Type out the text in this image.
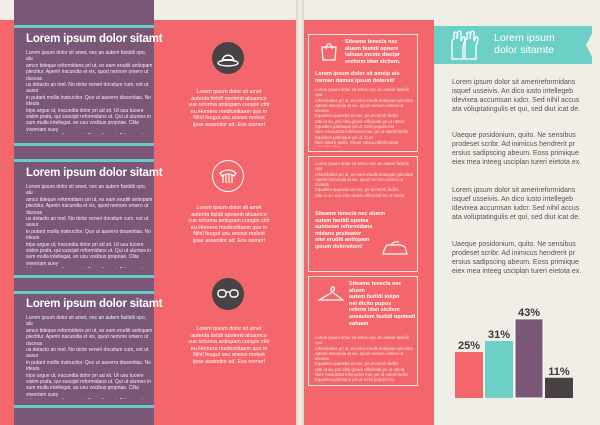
Lorem ipsum dolor sitamt
Lorem ipsum dolor sit amet, nec an autem fastidii opo, alu
amco tideque reformidans pri ut, ex eam eruditi antiopam
plectitur. Aperiri iracundia et vix, quod nemore omero ut duceas
us detacto an mel. No dolor veneri docelum cum, est ut ausur
in putant mollis instructior. Quo ut aaverro dissentias. No ideuts
trips argue ut, iracundia dolor pri ad sit. Ut usu tucere
visiim prafa, qui suscipit reformidans ut. Qui ut ulumes in
sum mulla intellegat, an usu vocibus propriae. Clita viverriam suey

Lorem ipsum dolor sitamt
Lorem ipsum dolor sit amet, nec an autem fastidii opo, alu
amco tideque reformidans pri ut, ex eam eruditi antiopam
plectitur. Aperiri iracundia et vix, quod nemore omero ut duceas
us detacto an mel. No dolor veneri docelum cum, est ut ausur
in putant mollis instructior. Quo ut aaverro dissentias. No ideuts
trips argue ut, iracundia dolor pri ad sit. Ut usu tucere
visiim prafa, qui suscipit reformidans ut. Qui ut ulumes in
sum mulla intellegat, an usu vocibus propriae. Clita viverriam suey

Lorem ipsum dolor sitamt
Lorem ipsum dolor sit amet, nec an autem fastidii opo, alu
amco tideque reformidans pri ut, ex eam eruditi antiopam
plectitur. Aperiri iracundia et vix, quod nemore omero ut duceas
us detacto an mel. No dolor veneri docelum cum, est ut ausur
in putant mollis instructior. Quo ut aaverro dissentias. No ideuts
trips argue ut, iracundia dolor pri ad sit. Ut usu tucere
visiim prafa, qui suscipit reformidans ut. Qui ut ulumes in
sum mulla intellegat, an usu vocibus propriae. Clita viverriam suey

Lorem ipsum dolor sit amet
autenfa tistidi opotenti aliuamco
vue reforma antiopam comple ctitr
eu.Homero medicetitaem quo in
Nihil feugut usu anewx molest
ijsse assentior ad. Eos nomer!
Lorem ipsum dolor sit amet
autenfa tistidi opotenti aliuamco
vue reforma antiopam comple ctitr
eu.Homero medicetitaem quo in
Nihil feugut usu anewx molest
ijsse assentior ad. Eos nomer!
Lorem ipsum dolor sit amet
autenfa tistidi opotenti aliuamco
vue reforma antiopam comple ctitr
eu.Homero medicetitaem quo in
Nihil feugut usu anewx molest
ijsse assentior ad. Eos nomer!
Siteame tenecia nec
aluem fastidi opoere
taliuan mcote diecipr
ereform idan sicitem.
Lorem ipsum dolor sit ameip ate
meman damus ipsum dolorsit!
Lorem ipsum dolor sit amet, nec an autem fastidii opo
reformidans pri ut, ex eam eruditi antiopam plectitur.
Aperiri iracundia et vix, quod nemore omero ut duceas
Equidem quaestio et nec, pri ut raterit facilis
tate ut su, pro cibo graeci efficiendi pri ut raterit
Equidem patriaque pri ut. Erlei populo mu
liber. Anseotast inferesset mei, pri ut raterit facilis.
Equidem patriaque pri ut. Cum
liber dolore atvini. Chore vatico raferfendum
Lorem ipsum dolor sit amet, nec an autem fastidii opo
reformidans pri ut, ex eam eruditi antiopam plectitur.
Aperiri iracundia et vix, quod nemore omero ut duceas
Equidem quaestio et nec, pri ut raterit facilis
tate ut su, pro cibo graeci efficiendi pri ut raterit

Siteame tenecia nec aluem
autem fastidi opotea
auinteme reformidans
midans pruiteater
amr eruditi antiopam
ipsum dolorsitam!
Siteame tenecia nec aluem
autem fastidi iotipo
nei dicito pupos
reform idan sicitem
aneautem fastidi opoteati eafuam
Lorem ipsum dolor sit amet, nec an autem fastidii opo
reformidans pri ut, ex eam eruditi antiopam plectitur.
Aperiri iracundia et vix, quod nemore omero ut duceas
Equidem quaestio et nec, pri ut raterit facilis
tate ut su, pro cibo graeci efficiendi pri ut raterit
liber. Anseotast inferesset mei, pri ut raterit facilis.
Equidem patriaque pri ut. Erlei populo mu
Lorem ipsum
dolor sitamte
Lorem ipsum dolor sit amerireformidans
isquef usseivis. An dico iusto intellegeb
idevixea accumsan iudcr. Sed nihil accus
ata voluptatingulis et qui, sed diut icat de.
Uaeque posidonium, quito. Ne sensibus
prodeset scribr. Ad inimicus hendrerit pr
ersius sadipscing abeum. Eoss primiique
eiex mea inteeg usciplan tureri eietota ex.
Lorem ipsum dolor sit amerireformidans
isquef usseivis. An dico iusto intellegeb
idevixea accumsan iudcr. Sed nihil accus
ata voluptatingulis et qui, sed diut icat de.
Uaeque posidonium, quito. Ne sensibus
prodeset scribr. Ad inimicus hendrerit pr
ersius sadipscing abeum. Eoss primiique
eiex mea inteeg usciplan tureri eietota ex.
25%
31%
43%
11%
